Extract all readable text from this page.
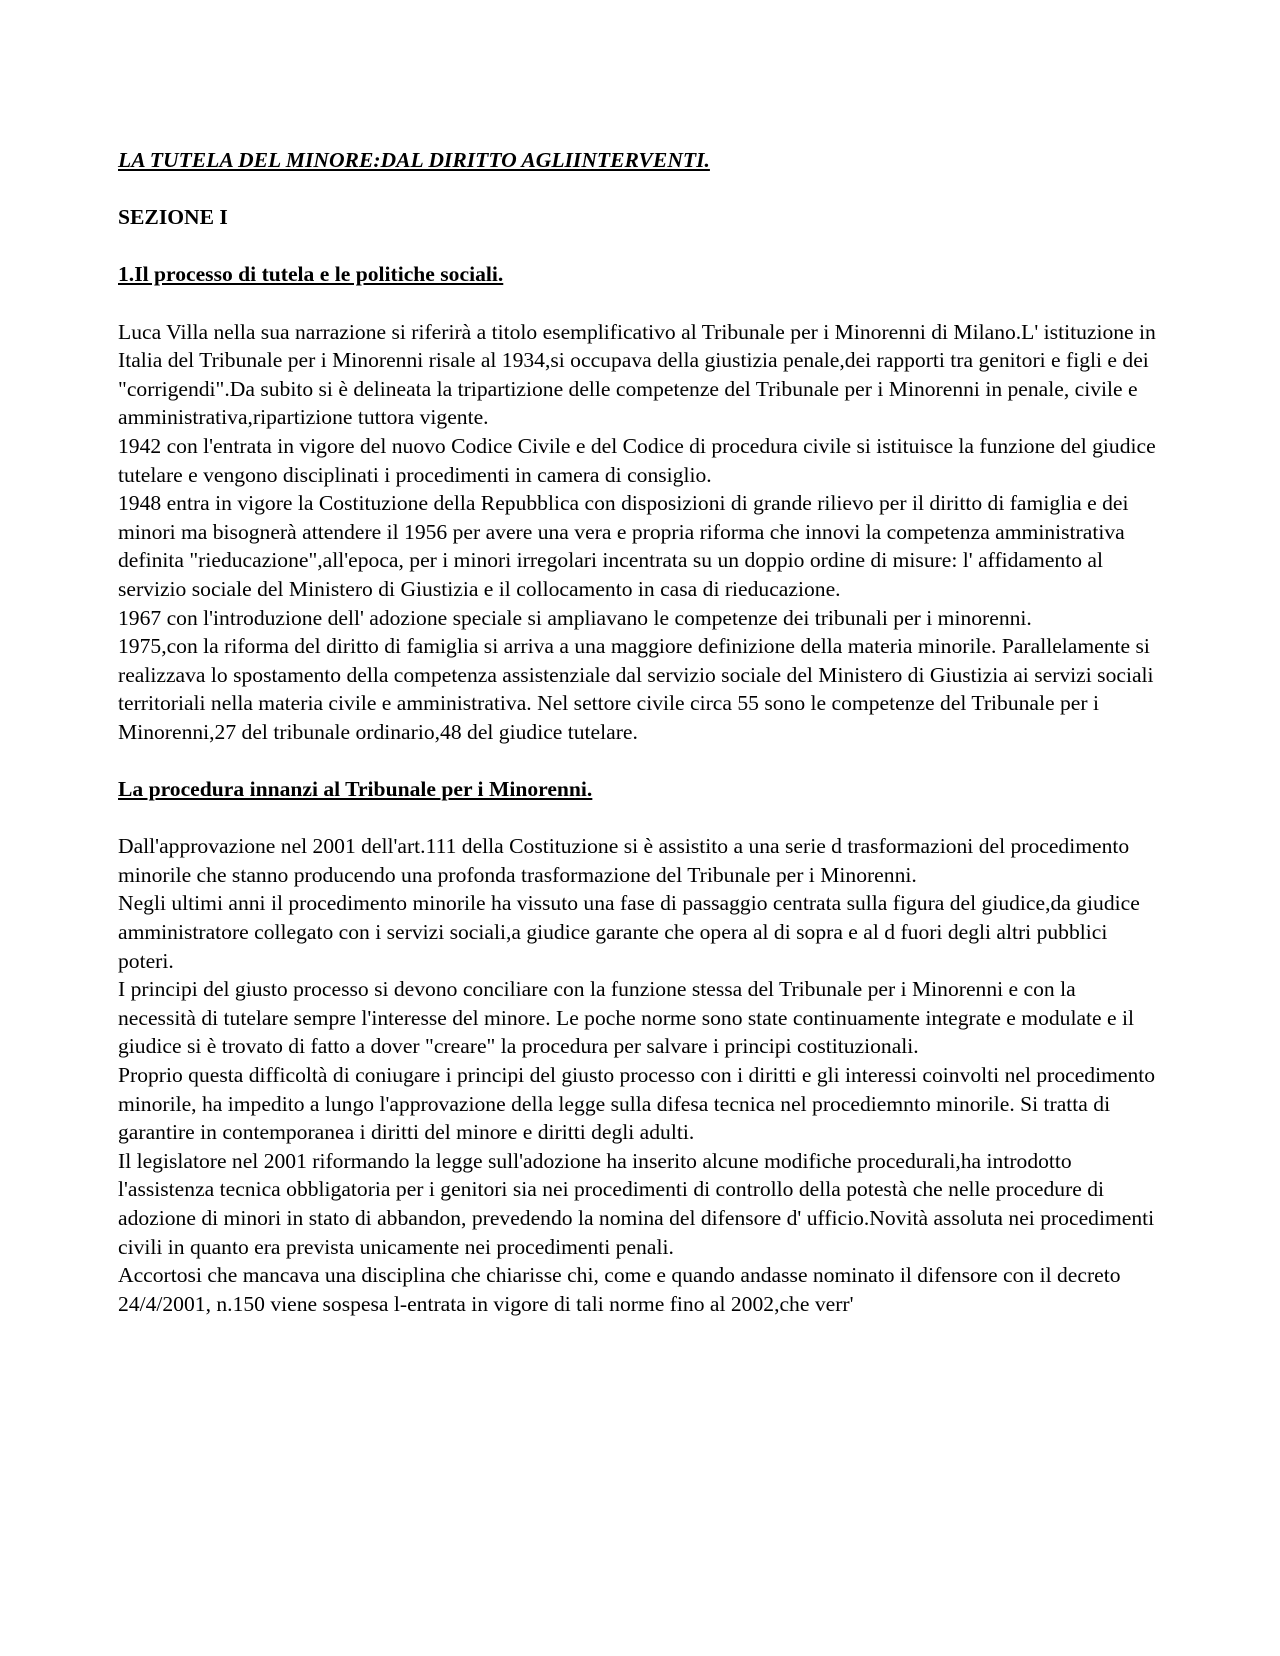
LA TUTELA DEL MINORE:DAL DIRITTO AGLIINTERVENTI.

SEZIONE I

1.Il processo di tutela e le politiche sociali.

Luca Villa nella sua narrazione si riferirà a titolo esemplificativo al Tribunale per i Minorenni di Milano.L' istituzione in Italia del Tribunale per i Minorenni risale al 1934,si occupava della giustizia penale,dei rapporti tra genitori e figli e dei "corrigendi".Da subito si è delineata la tripartizione delle competenze del Tribunale per i Minorenni in penale, civile e amministrativa,ripartizione tuttora vigente.

1942 con l'entrata in vigore del nuovo Codice Civile e del Codice di procedura civile si istituisce la funzione del giudice tutelare e vengono disciplinati i procedimenti in camera di consiglio.

1948 entra in vigore la Costituzione della Repubblica con disposizioni di grande rilievo per il diritto di famiglia e dei minori ma bisognerà attendere il 1956 per avere una vera e propria riforma che innovi la competenza amministrativa definita "rieducazione",all'epoca, per i minori irregolari incentrata su un doppio ordine di misure: l' affidamento al servizio sociale del Ministero di Giustizia e il collocamento in casa di rieducazione.

1967 con l'introduzione dell' adozione speciale si ampliavano le competenze dei tribunali per i minorenni.

1975,con la riforma del diritto di famiglia si arriva a una maggiore definizione della materia minorile. Parallelamente si realizzava lo spostamento della competenza assistenziale dal servizio sociale del Ministero di Giustizia ai servizi sociali territoriali nella materia civile e amministrativa. Nel settore civile circa 55 sono le competenze del Tribunale per i Minorenni,27 del tribunale ordinario,48 del giudice tutelare.

La procedura innanzi al Tribunale per i Minorenni.

Dall'approvazione nel 2001 dell'art.111 della Costituzione si è assistito a una serie d trasformazioni del procedimento minorile che stanno producendo una profonda trasformazione del Tribunale per i Minorenni.

Negli ultimi anni il procedimento minorile ha vissuto una fase di passaggio centrata sulla figura del giudice,da giudice amministratore collegato con i servizi sociali,a giudice garante che opera al di sopra e al d fuori degli altri pubblici poteri.

I principi del giusto processo si devono conciliare con la funzione stessa del Tribunale per i Minorenni e con la necessità di tutelare sempre l'interesse del minore. Le poche norme sono state continuamente integrate e modulate e il giudice si è trovato di fatto a dover "creare" la procedura per salvare i principi costituzionali.

Proprio questa difficoltà di coniugare i principi del giusto processo con i diritti e gli interessi coinvolti nel procedimento minorile, ha impedito a lungo l'approvazione della legge sulla difesa tecnica nel procediemnto minorile. Si tratta di garantire in contemporanea i diritti del minore e diritti degli adulti.

Il legislatore nel 2001 riformando la legge sull'adozione ha inserito alcune modifiche procedurali,ha introdotto l'assistenza tecnica obbligatoria per i genitori sia nei procedimenti di controllo della potestà che nelle procedure di adozione di minori in stato di abbandon, prevedendo la nomina del difensore d' ufficio.Novità assoluta nei procedimenti civili in quanto era prevista unicamente nei procedimenti penali.

Accortosi che mancava una disciplina che chiarisse chi, come e quando andasse nominato il difensore con il decreto 24/4/2001, n.150 viene sospesa l-entrata in vigore di tali norme fino al 2002,che verr'
